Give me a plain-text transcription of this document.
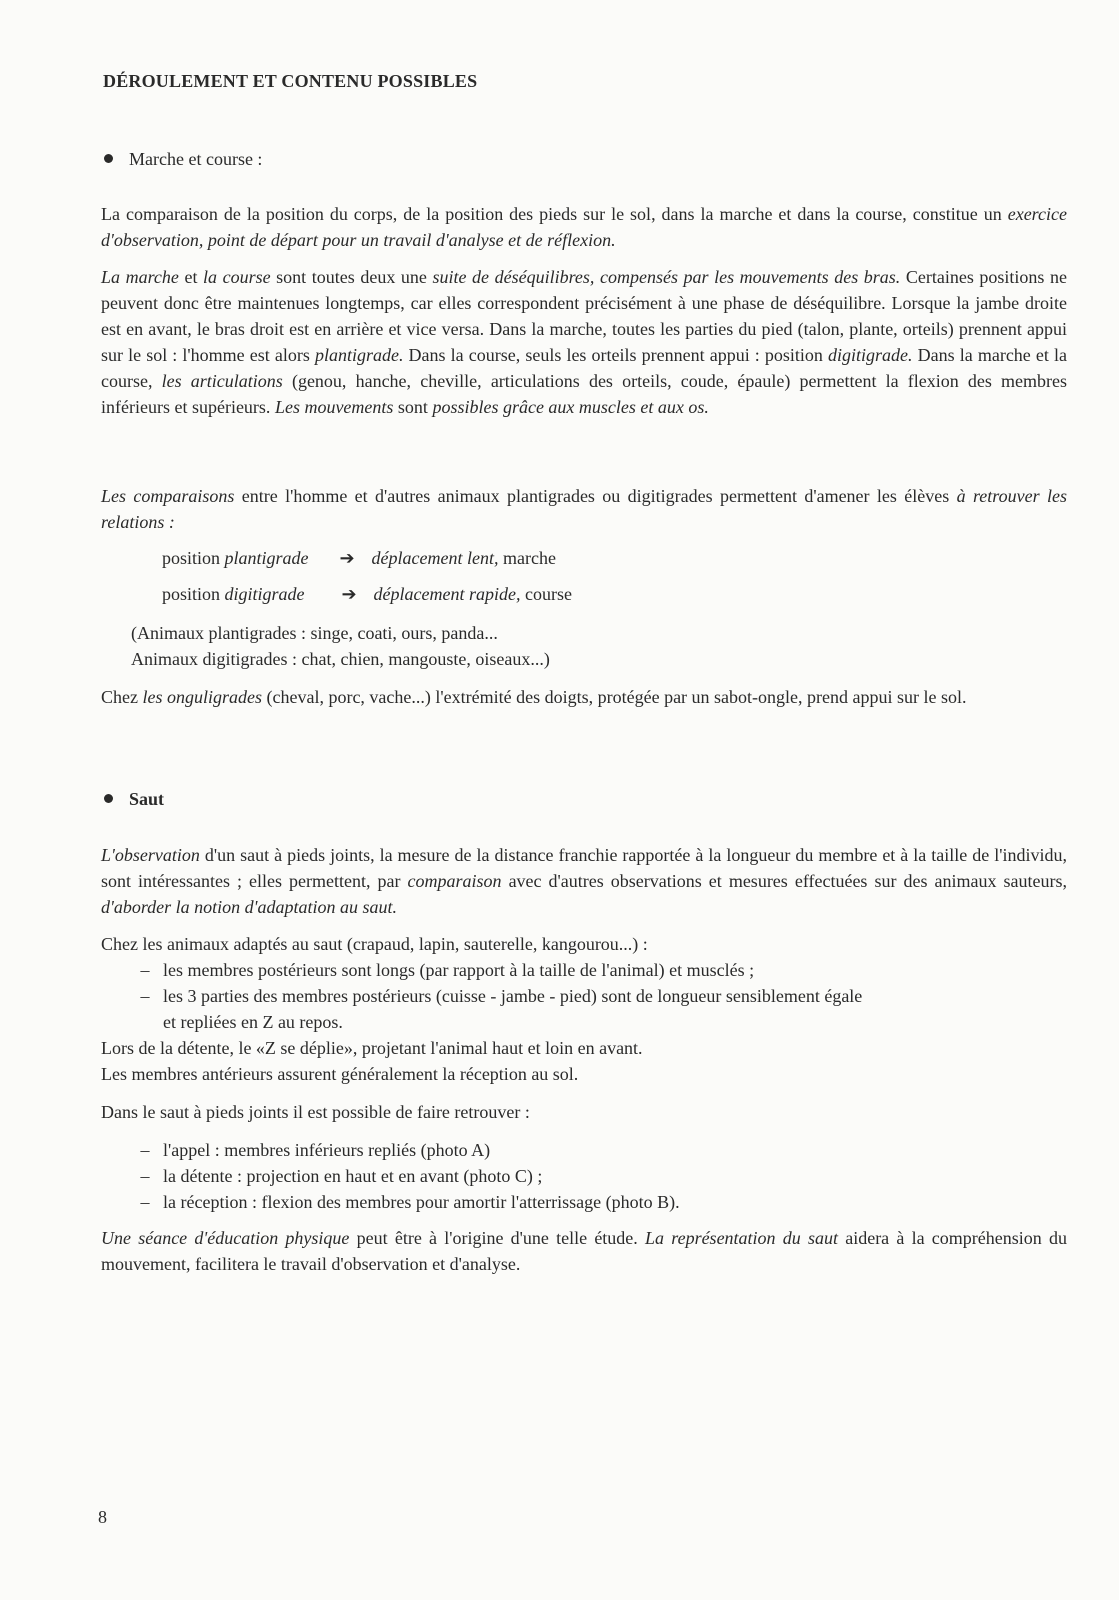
DÉROULEMENT ET CONTENU POSSIBLES
Marche et course :
La comparaison de la position du corps, de la position des pieds sur le sol, dans la marche et dans la course, constitue un exercice d'observation, point de départ pour un travail d'analyse et de réflexion.
La marche et la course sont toutes deux une suite de déséquilibres, compensés par les mouvements des bras. Certaines positions ne peuvent donc être maintenues longtemps, car elles correspondent précisément à une phase de déséquilibre. Lorsque la jambe droite est en avant, le bras droit est en arrière et vice versa. Dans la marche, toutes les parties du pied (talon, plante, orteils) prennent appui sur le sol : l'homme est alors plantigrade. Dans la course, seuls les orteils prennent appui : position digitigrade. Dans la marche et la course, les articulations (genou, hanche, cheville, articulations des orteils, coude, épaule) permettent la flexion des membres inférieurs et supérieurs. Les mouvements sont possibles grâce aux muscles et aux os.
Les comparaisons entre l'homme et d'autres animaux plantigrades ou digitigrades permettent d'amener les élèves à retrouver les relations :
position plantigrade ➔ déplacement lent, marche
position digitigrade ➔ déplacement rapide, course
(Animaux plantigrades : singe, coati, ours, panda...
Animaux digitigrades : chat, chien, mangouste, oiseaux...)
Chez les onguligrades (cheval, porc, vache...) l'extrémité des doigts, protégée par un sabot-ongle, prend appui sur le sol.
Saut
L'observation d'un saut à pieds joints, la mesure de la distance franchie rapportée à la longueur du membre et à la taille de l'individu, sont intéressantes ; elles permettent, par comparaison avec d'autres observations et mesures effectuées sur des animaux sauteurs, d'aborder la notion d'adaptation au saut.
Chez les animaux adaptés au saut (crapaud, lapin, sauterelle, kangourou...) :
– les membres postérieurs sont longs (par rapport à la taille de l'animal) et musclés ;
– les 3 parties des membres postérieurs (cuisse - jambe - pied) sont de longueur sensiblement égale
et repliées en Z au repos.
Lors de la détente, le «Z se déplie», projetant l'animal haut et loin en avant.
Les membres antérieurs assurent généralement la réception au sol.
Dans le saut à pieds joints il est possible de faire retrouver :
– l'appel : membres inférieurs repliés (photo A)
– la détente : projection en haut et en avant (photo C) ;
– la réception : flexion des membres pour amortir l'atterrissage (photo B).
Une séance d'éducation physique peut être à l'origine d'une telle étude. La représentation du saut aidera à la compréhension du mouvement, facilitera le travail d'observation et d'analyse.
8
